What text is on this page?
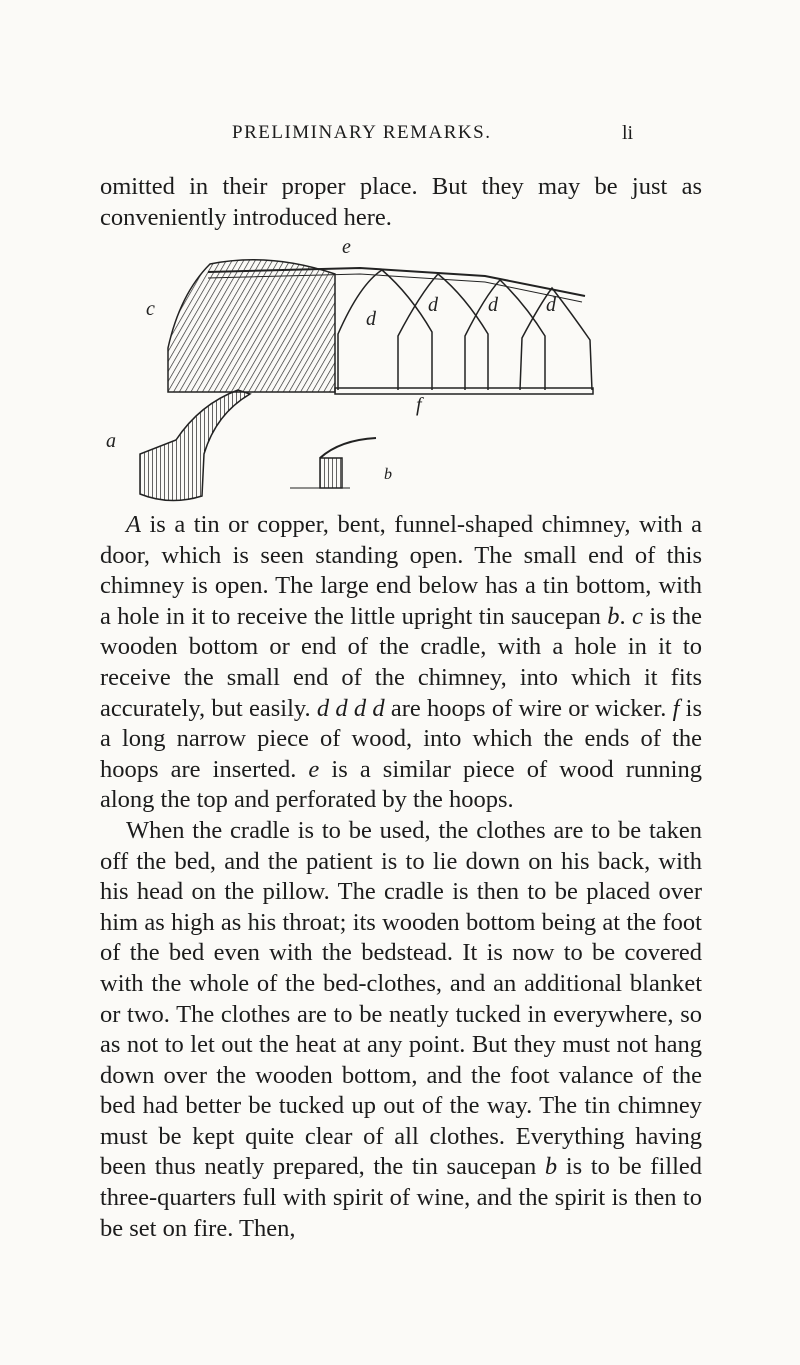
PRELIMINARY REMARKS.	li

omitted in their proper place. But they may be just as

conveniently introduced here.

e
c	d
d	d d
f
a
b

A is a tin or copper, bent, funnel-shaped chimney, with a door, which is seen standing open. The small end of this chimney is open. The large end below has a tin bottom, with a hole in it to receive the little upright tin saucepan b. c is the wooden bottom or end of the cradle, with a hole in it to receive the small end of the chimney, into which it fits accurately, but easily. d d d d are hoops of wire or wicker. f is a long narrow piece of wood, into which the ends of the hoops are inserted. e is a similar piece of wood running along the top and perforated by the hoops.

When the cradle is to be used, the clothes are to be taken off the bed, and the patient is to lie down on his back, with his head on the pillow. The cradle is then to be placed over him as high as his throat; its wooden bottom being at the foot of the bed even with the bedstead. It is now to be covered with the whole of the bed-clothes, and an additional blanket or two. The clothes are to be neatly tucked in everywhere, so as not to let out the heat at any point. But they must not hang down over the wooden bottom, and the foot valance of the bed had better be tucked up out of the way. The tin chimney must be kept quite clear of all clothes. Everything having been thus neatly prepared, the tin saucepan b is to be filled three-quarters full with spirit of wine, and the spirit is then to be set on fire. Then,
